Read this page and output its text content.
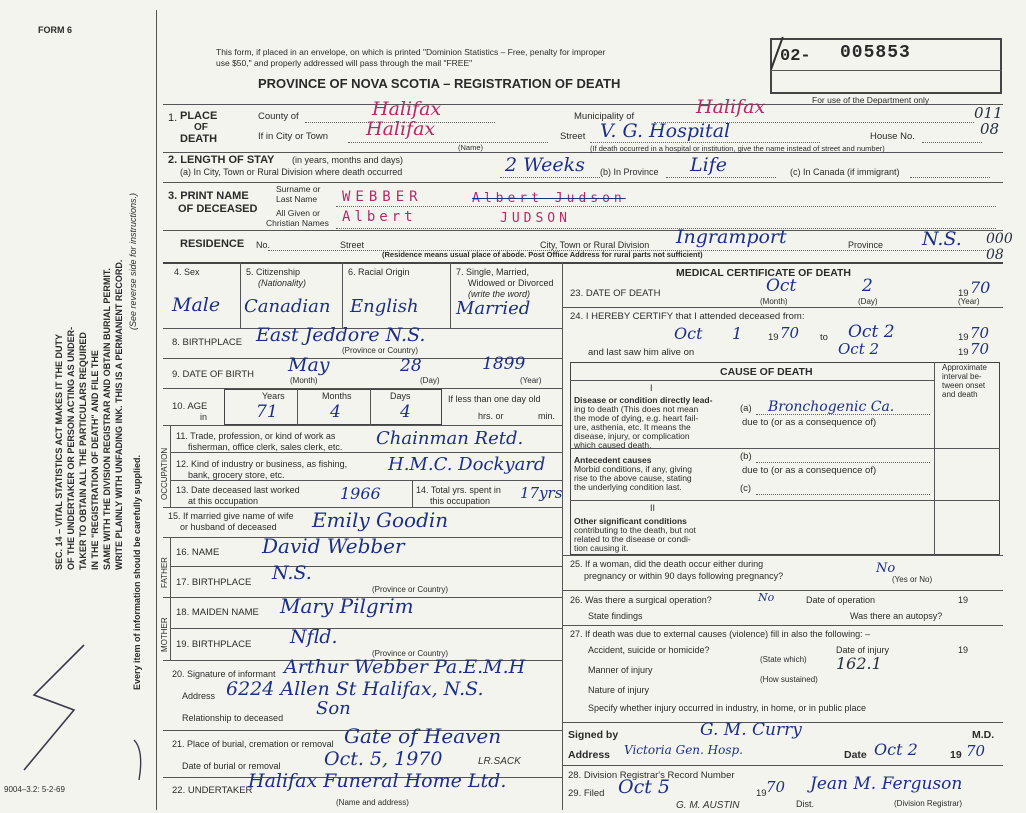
FORM 6
SEC. 14 – VITAL STATISTICS ACT MAKES IT THE DUTY OF THE UNDERTAKER OR PERSON ACTING AS UNDER- TAKER TO OBTAIN ALL THE PARTICULARS REQUIRED IN THE "REGISTRATION OF DEATH" AND FILE THE SAME WITH THE DIVISION REGISTRAR AND OBTAIN BURIAL PERMIT. WRITE PLAINLY WITH UNFADING INK. THIS IS A PERMANENT RECORD. (See reverse side for instructions.)
Every item of information should be carefully supplied.
9004–3.2: 5-2-69
This form, if placed in an envelope, on which is printed "Dominion Statistics – Free, penalty for improper
use $50," and properly addressed will pass through the mail "FREE"
PROVINCE OF NOVA SCOTIA – REGISTRATION OF DEATH
02- 005853
For use of the Department only
011
08
000
08
1. PLACE
OF
DEATH
County of	Halifax	Municipality of	Halifax
If in City or Town Halifax
(Name)
Street V. G. Hospital	House No.
(If death occurred in a hospital or institution, give the name instead of street and number)
2. LENGTH OF STAY (in years, months and days)
(a) In City, Town or Rural Division where death occurred	2 Weeks (b) In Province Life	(c) In Canada (if immigrant)
3. PRINT NAME
OF DECEASED
Surname or
Last Name WEBBER	Albert Judson
All Given or
Christian Names Albert	JUDSON
RESIDENCE No.	Street	City, Town or Rural Division Ingramport	Province N.S.
(Residence means usual place of abode. Post Office Address for rural parts not sufficient)
4. Sex
Male
5. Citizenship
(Nationality)
Canadian
6. Racial Origin
English
7. Single, Married,
Widowed or Divorced
(write the word)
Married
8. BIRTHPLACE East Jeddore N.S.
(Province or Country)
9. DATE OF BIRTH May	28	1899
(Month)	(Day)	(Year)
10. AGE
in
Years	Months	Days
71	4	4
If less than one day old
hrs. or	min.
OCCUPATION
11. Trade, profession, or kind of work as
fisherman, office clerk, sales clerk, etc. Chainman Retd.
12. Kind of industry or business, as fishing,
bank, grocery store, etc.	H.M.C. Dockyard
13. Date deceased last worked
at this occupation	1966	14. Total yrs. spent in
this occupation 17yrs
15. If married give name of wife
or husband of deceased Emily Goodin
FATHER
16. NAME David Webber
17. BIRTHPLACE N.S.
(Province or Country)
MOTHER
18. MAIDEN NAME Mary Pilgrim
19. BIRTHPLACE Nfld.
(Province or Country)
20. Signature of informant Arthur Webber Pa.E.M.H
Address 6224 Allen St Halifax, N.S.
Relationship to deceased Son
21. Place of burial, cremation or removal Gate of Heaven
Date of burial or removal Oct. 5, 1970	LR.SACK
22. UNDERTAKER
Halifax Funeral Home Ltd.
(Name and address)
MEDICAL CERTIFICATE OF DEATH
23. DATE OF DEATH	Oct	2	19 70
(Month)	(Day)	(Year)
24. I HEREBY CERTIFY that I attended deceased from:
Oct 1	19 70 to Oct 2	19 70
and last saw him alive on	Oct 2	19 70
CAUSE OF DEATH	Approximate
interval be-
tween onset
and death
I
Disease or condition directly lead-
ing to death (This does not mean
the mode of dying, e.g. heart fail-
ure, asthenia, etc. It means the
disease, injury, or complication
which caused death.
(a) Bronchogenic Ca.
due to (or as a consequence of)
Antecedent causes
Morbid conditions, if any, giving
rise to the above cause, stating
the underlying condition last.
(b)
due to (or as a consequence of)
(c)
II
Other significant conditions
contributing to the death, but not
related to the disease or condi-
tion causing it.
25. If a woman, did the death occur either during
pregnancy or within 90 days following pregnancy?	No
(Yes or No)
26. Was there a surgical operation?	No	Date of operation	19
State findings	Was there an autopsy?
27. If death was due to external causes (violence) fill in also the following: –
Accident, suicide or homicide?	Date of injury	19
(State which)
Manner of injury	162.1
(How sustained)
Nature of injury
Specify whether injury occurred in industry, in home, or in public place
Signed by	G. M. Curry	M.D.
Address Victoria Gen. Hosp.	Date Oct 2	19 70
28. Division Registrar's Record Number
29. Filed Oct 5	19 70
Dist.
Jean M. Ferguson
(Division Registrar)
G. M. AUSTIN
